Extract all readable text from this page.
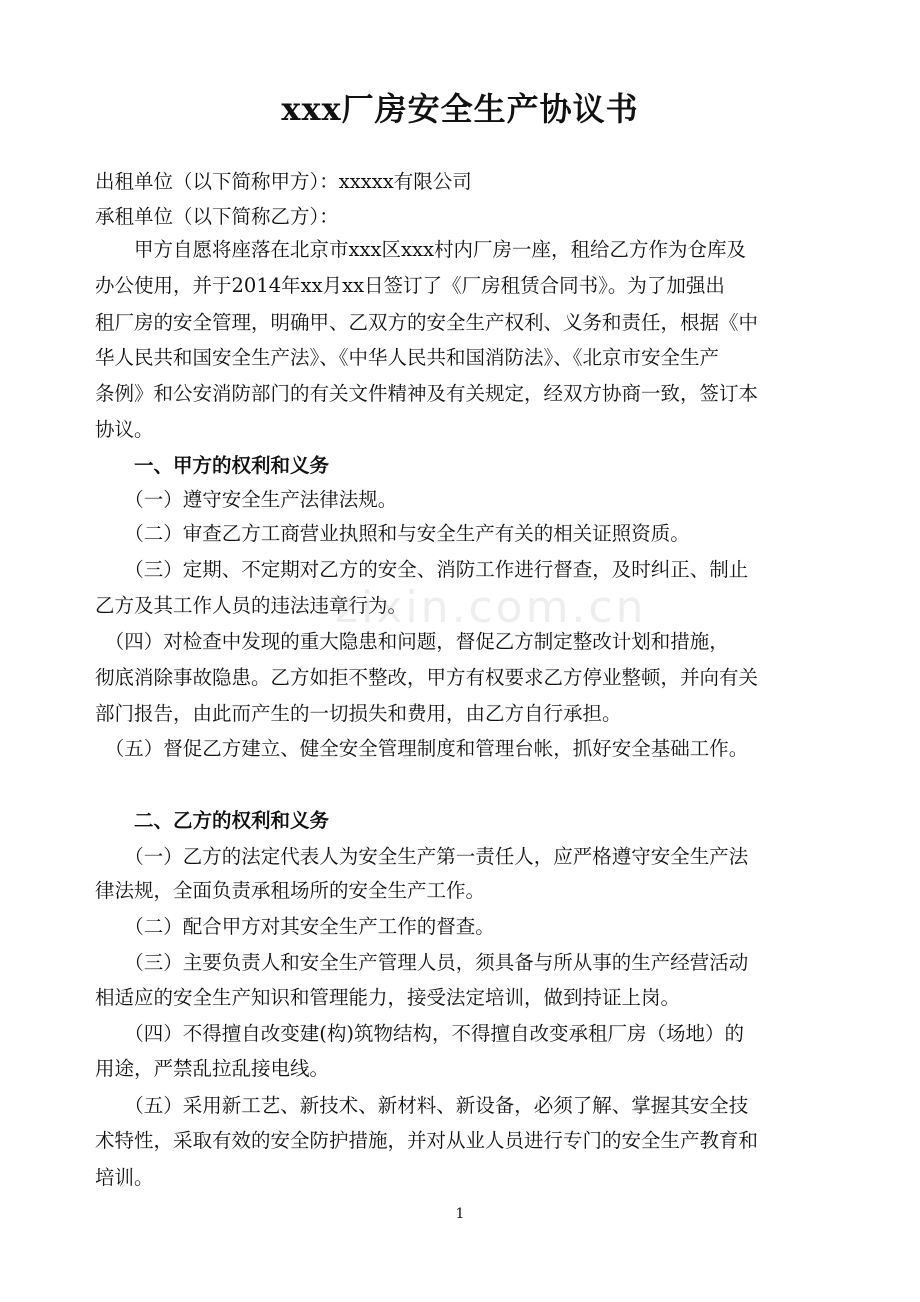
xxx厂房安全生产协议书
出租单位（以下简称甲方）：xxxxx有限公司
承租单位（以下简称乙方）：
　　甲方自愿将座落在北京市xxx区xxx村内厂房一座，租给乙方作为仓库及
办公使用，并于2014年xx月xx日签订了《厂房租赁合同书》。为了加强出
租厂房的安全管理，明确甲、乙双方的安全生产权利、义务和责任，根据《中
华人民共和国安全生产法》、《中华人民共和国消防法》、《北京市安全生产
条例》和公安消防部门的有关文件精神及有关规定，经双方协商一致，签订本
协议。
　　一、甲方的权利和义务
　　（一）遵守安全生产法律法规。
　　（二）审查乙方工商营业执照和与安全生产有关的相关证照资质。
　　（三）定期、不定期对乙方的安全、消防工作进行督查，及时纠正、制止
乙方及其工作人员的违法违章行为。
　（四）对检查中发现的重大隐患和问题，督促乙方制定整改计划和措施，
彻底消除事故隐患。乙方如拒不整改，甲方有权要求乙方停业整顿，并向有关
部门报告，由此而产生的一切损失和费用，由乙方自行承担。
　（五）督促乙方建立、健全安全管理制度和管理台帐，抓好安全基础工作。
　　二、乙方的权利和义务
　　（一）乙方的法定代表人为安全生产第一责任人，应严格遵守安全生产法
律法规，全面负责承租场所的安全生产工作。
　　（二）配合甲方对其安全生产工作的督查。
　　（三）主要负责人和安全生产管理人员，须具备与所从事的生产经营活动
相适应的安全生产知识和管理能力，接受法定培训，做到持证上岗。
　　（四）不得擅自改变建(构)筑物结构，不得擅自改变承租厂房（场地）的
用途，严禁乱拉乱接电线。
　　（五）采用新工艺、新技术、新材料、新设备，必须了解、掌握其安全技
术特性，采取有效的安全防护措施，并对从业人员进行专门的安全生产教育和
培训。
1
zixin.com.cn
